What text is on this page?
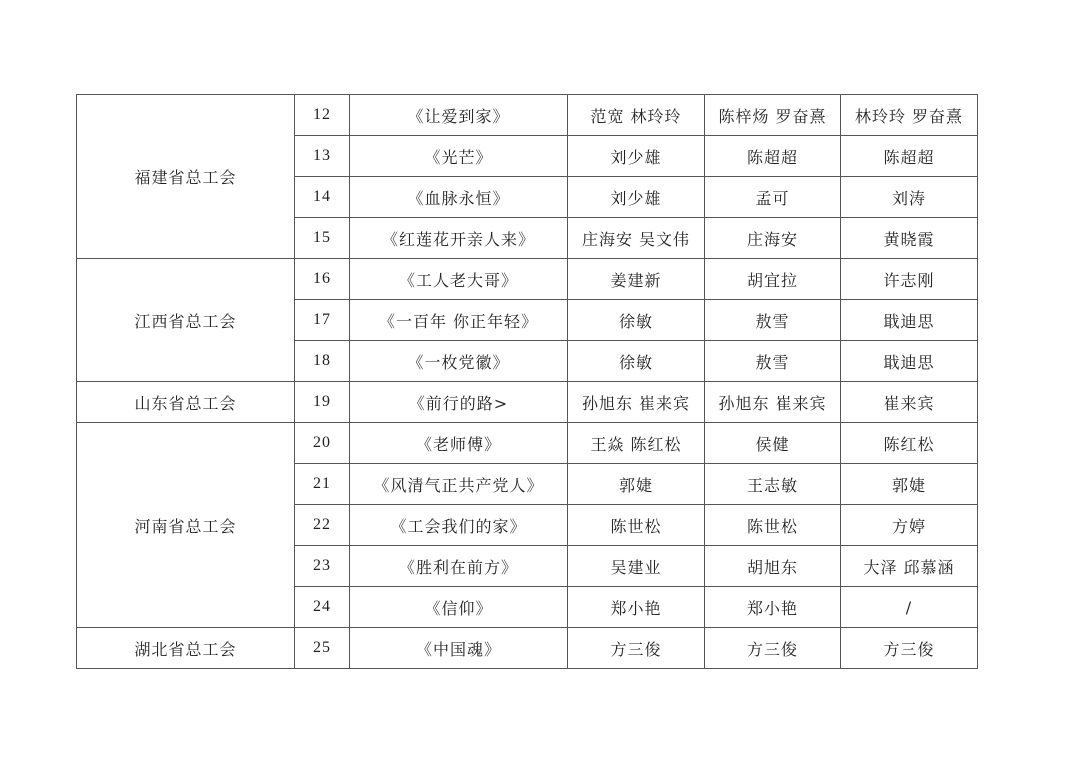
福建省总工会	12	《让爱到家》	范宽 林玲玲	陈梓炀 罗奋熹	林玲玲 罗奋熹
	13	《光芒》	刘少雄	陈超超	陈超超
	14	《血脉永恒》	刘少雄	孟可	刘涛
	15	《红莲花开亲人来》	庄海安 吴文伟	庄海安	黄晓霞
江西省总工会	16	《工人老大哥》	姜建新	胡宜拉	许志刚
	17	《一百年 你正年轻》	徐敏	敖雪	戢迪思
	18	《一枚党徽》	徐敏	敖雪	戢迪思
山东省总工会	19	《前行的路>	孙旭东 崔来宾	孙旭东 崔来宾	崔来宾
河南省总工会	20	《老师傅》	王焱 陈红松	侯健	陈红松
	21	《风清气正共产党人》	郭婕	王志敏	郭婕
	22	《工会我们的家》	陈世松	陈世松	方婷
	23	《胜利在前方》	吴建业	胡旭东	大泽 邱慕涵
	24	《信仰》	郑小艳	郑小艳	/
湖北省总工会	25	《中国魂》	方三俊	方三俊	方三俊
